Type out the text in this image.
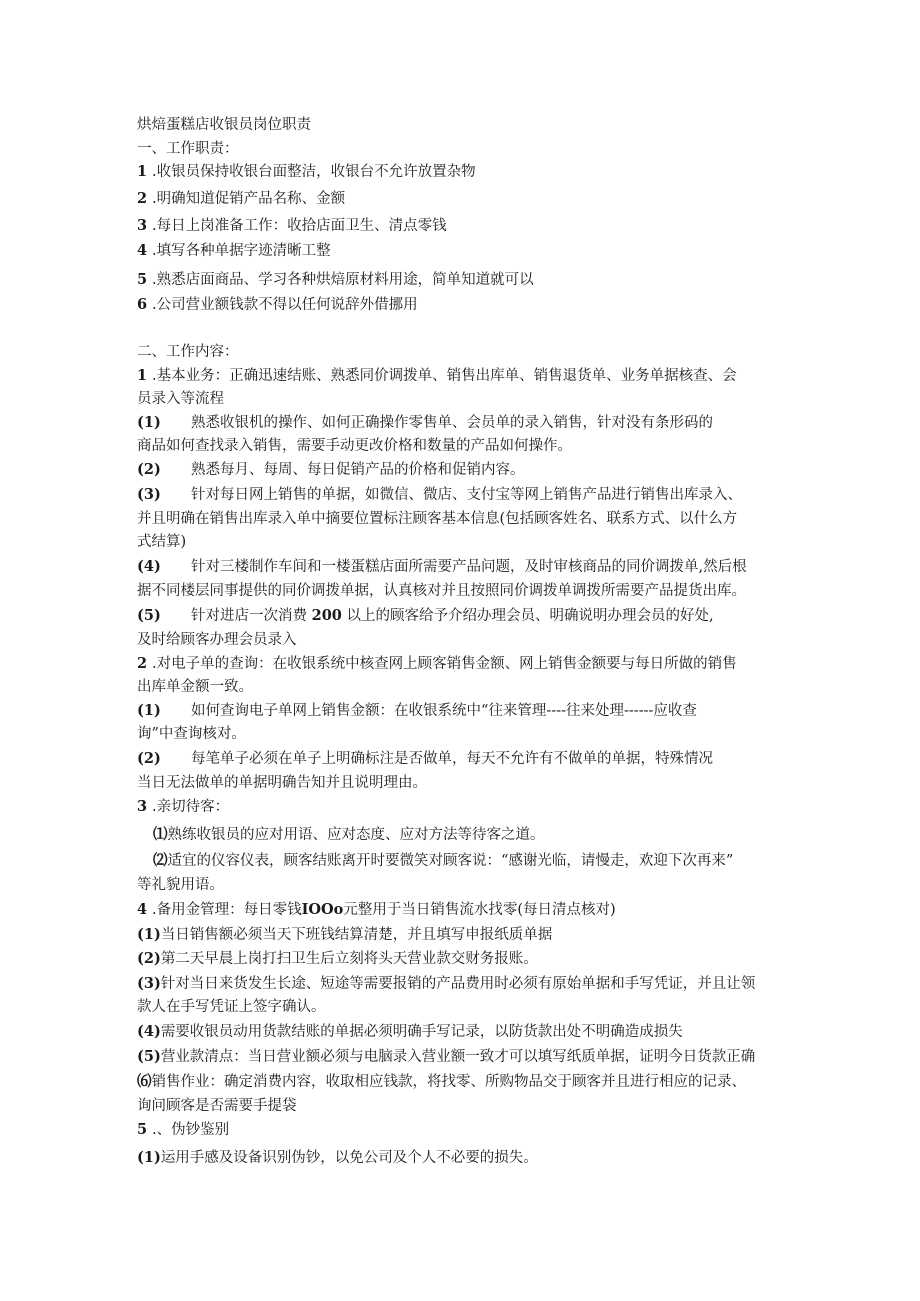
烘焙蛋糕店收银员岗位职责
一、工作职责：
1 .收银员保持收银台面整洁，收银台不允许放置杂物
2 .明确知道促销产品名称、金额
3 .每日上岗准备工作：收拾店面卫生、清点零钱
4 .填写各种单据字迹清晰工整
5 .熟悉店面商品、学习各种烘焙原材料用途，简单知道就可以
6 .公司营业额钱款不得以任何说辞外借挪用
二、工作内容：
1 .基本业务：正确迅速结账、熟悉同价调拨单、销售出库单、销售退货单、业务单据核查、会
员录入等流程
(1) 熟悉收银机的操作、如何正确操作零售单、会员单的录入销售，针对没有条形码的
商品如何查找录入销售，需要手动更改价格和数量的产品如何操作。
(2) 熟悉每月、每周、每日促销产品的价格和促销内容。
(3) 针对每日网上销售的单据，如微信、微店、支付宝等网上销售产品进行销售出库录入、
并且明确在销售出库录入单中摘要位置标注顾客基本信息(包括顾客姓名、联系方式、以什么方
式结算)
(4) 针对三楼制作车间和一楼蛋糕店面所需要产品问题，及时审核商品的同价调拨单,然后根
据不同楼层同事提供的同价调拨单据，认真核对并且按照同价调拨单调拨所需要产品提货出库。
(5) 针对进店一次消费 200 以上的顾客给予介绍办理会员、明确说明办理会员的好处,
及时给顾客办理会员录入
2 .对电子单的查询：在收银系统中核查网上顾客销售金额、网上销售金额要与每日所做的销售
出库单金额一致。
(1) 如何查询电子单网上销售金额：在收银系统中“往来管理----往来处理------应收查
询”中查询核对。
(2) 每笔单子必须在单子上明确标注是否做单，每天不允许有不做单的单据，特殊情况
当日无法做单的单据明确告知并且说明理由。
3 .亲切待客：
⑴熟练收银员的应对用语、应对态度、应对方法等待客之道。
⑵适宜的仪容仪表，顾客结账离开时要微笑对顾客说：“感谢光临，请慢走，欢迎下次再来”
等礼貌用语。
4 .备用金管理：每日零钱IOOo元整用于当日销售流水找零(每日清点核对)
(1)当日销售额必须当天下班钱结算清楚，并且填写申报纸质单据
(2)第二天早晨上岗打扫卫生后立刻将头天营业款交财务报账。
(3)针对当日来货发生长途、短途等需要报销的产品费用时必须有原始单据和手写凭证，并且让领
款人在手写凭证上签字确认。
(4)需要收银员动用货款结账的单据必须明确手写记录，以防货款出处不明确造成损失
(5)营业款清点：当日营业额必须与电脑录入营业额一致才可以填写纸质单据，证明今日货款正确
⑹销售作业：确定消费内容，收取相应钱款，将找零、所购物品交于顾客并且进行相应的记录、
询问顾客是否需要手提袋
5 .、伪钞鉴别
(1)运用手感及设备识别伪钞，以免公司及个人不必要的损失。
